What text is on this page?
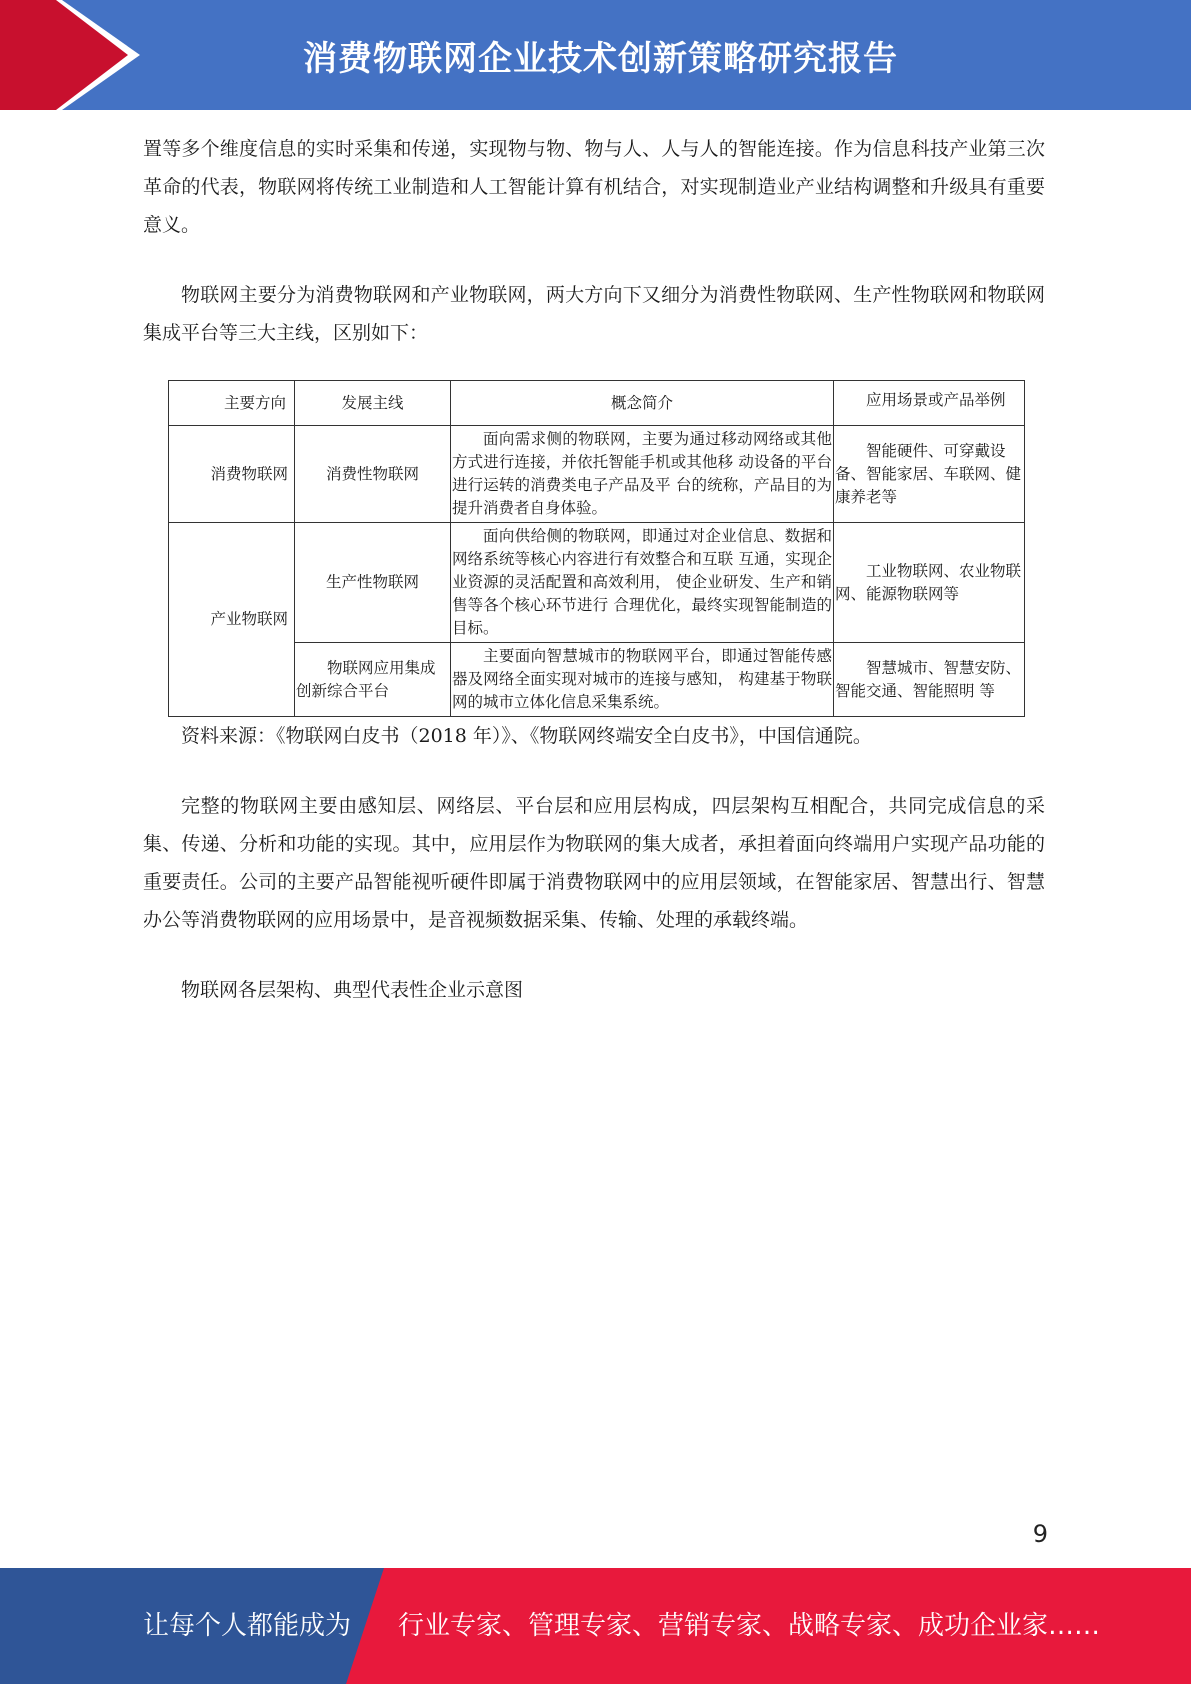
消费物联网企业技术创新策略研究报告

置等多个维度信息的实时采集和传递，实现物与物、物与人、人与人的智能连接。作为信息科技产业第三次革命的代表，物联网将传统工业制造和人工智能计算有机结合，对实现制造业产业结构调整和升级具有重要意义。

物联网主要分为消费物联网和产业物联网，两大方向下又细分为消费性物联网、生产性物联网和物联网集成平台等三大主线，区别如下：

主要方向	发展主线	概念简介	应用场景或产品举例

消费物联网	消费性物联网	面向需求侧的物联网，主要为通过移动网络或其他方式进行连接，并依托智能手机或其他移 动设备的平台进行运转的消费类电子产品及平 台的统称，产品目的为提升消费者自身体验。	智能硬件、可穿戴设备、智能家居、车联网、健康养老等
产业物联网	生产性物联网	面向供给侧的物联网，即通过对企业信息、数据和网络系统等核心内容进行有效整合和互联 互通，实现企业资源的灵活配置和高效利用， 使企业研发、生产和销售等各个核心环节进行 合理优化，最终实现智能制造的目标。	工业物联网、农业物联网、能源物联网等
	物联网应用集成创新综合平台	主要面向智慧城市的物联网平台，即通过智能传感器及网络全面实现对城市的连接与感知， 构建基于物联网的城市立体化信息采集系统。	智慧城市、智慧安防、 智能交通、智能照明 等

资料来源：《物联网白皮书（2018 年）》、《物联网终端安全白皮书》，中国信通院。

完整的物联网主要由感知层、网络层、平台层和应用层构成，四层架构互相配合，共同完成信息的采集、传递、分析和功能的实现。其中，应用层作为物联网的集大成者，承担着面向终端用户实现产品功能的重要责任。公司的主要产品智能视听硬件即属于消费物联网中的应用层领域，在智能家居、智慧出行、智慧办公等消费物联网的应用场景中，是音视频数据采集、传输、处理的承载终端。

物联网各层架构、典型代表性企业示意图

9
让每个人都能成为 行业专家、管理专家、营销专家、战略专家、成功企业家……
